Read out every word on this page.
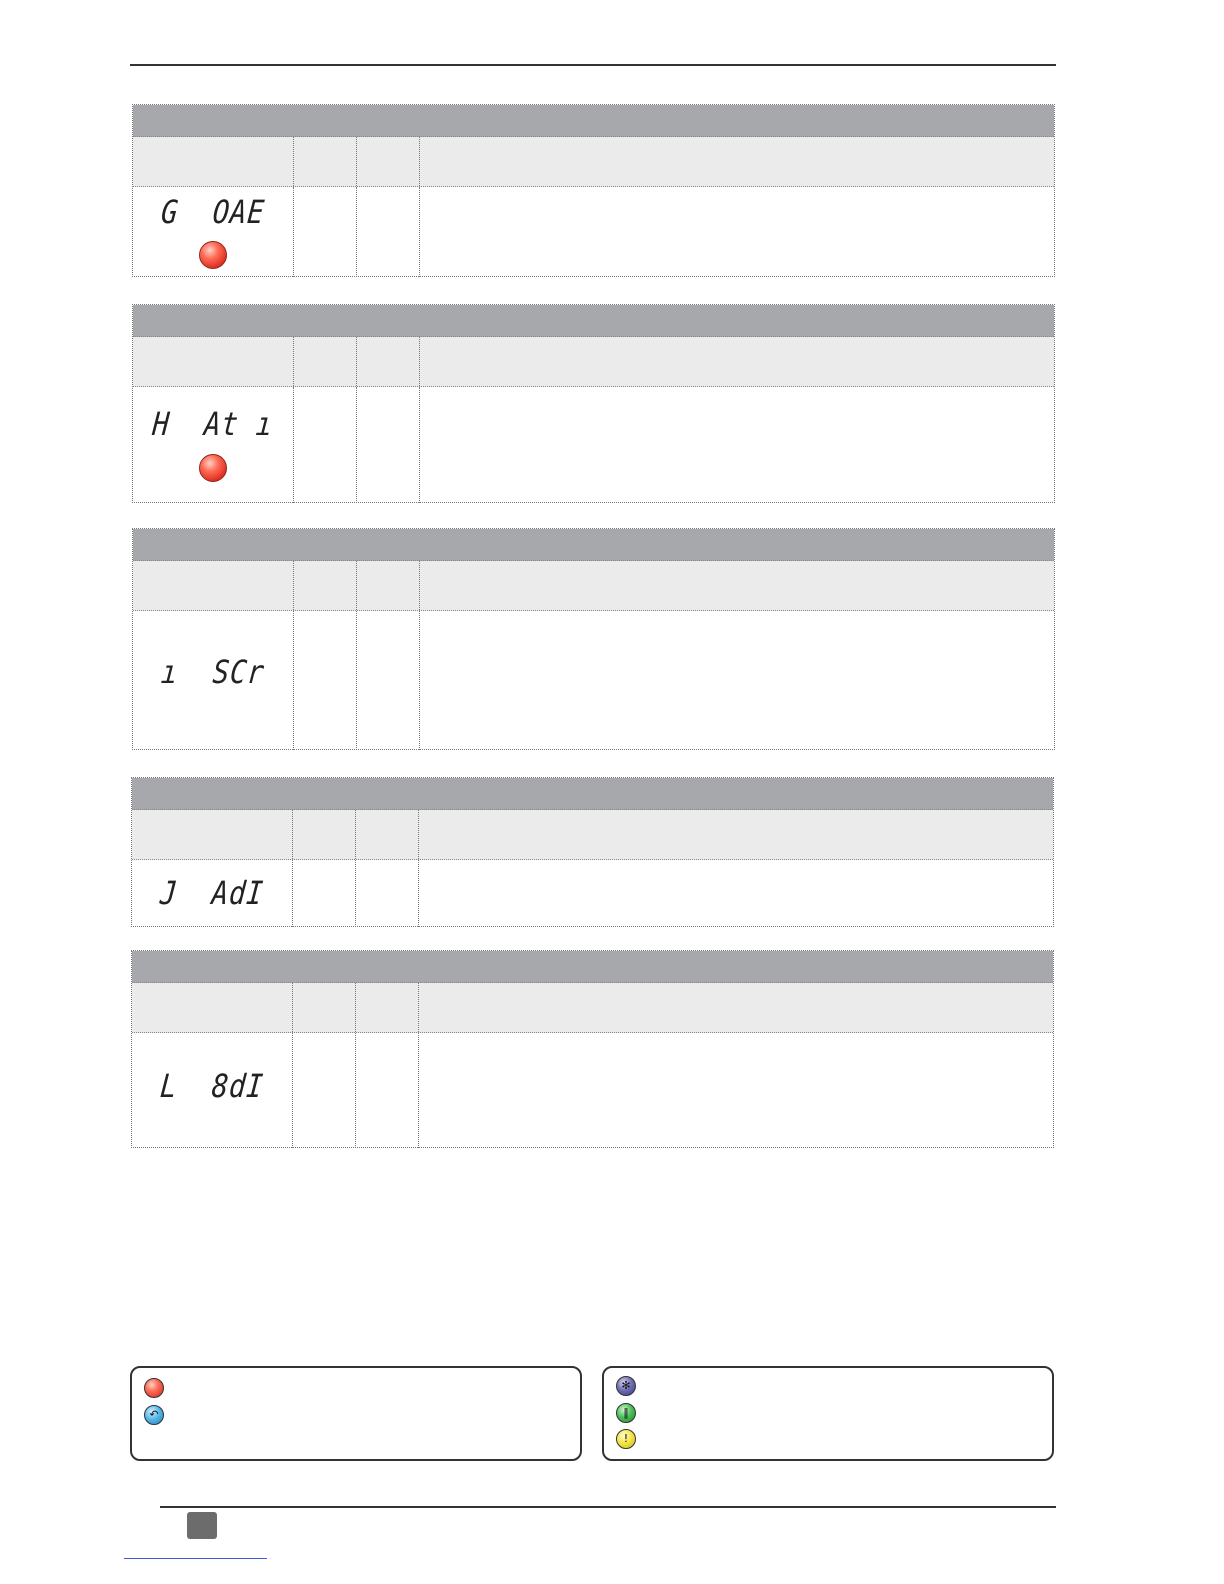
G  OAE
H  At ı
ı  SCr
J  AdI
L  8dI
↶
✻
‖
!
